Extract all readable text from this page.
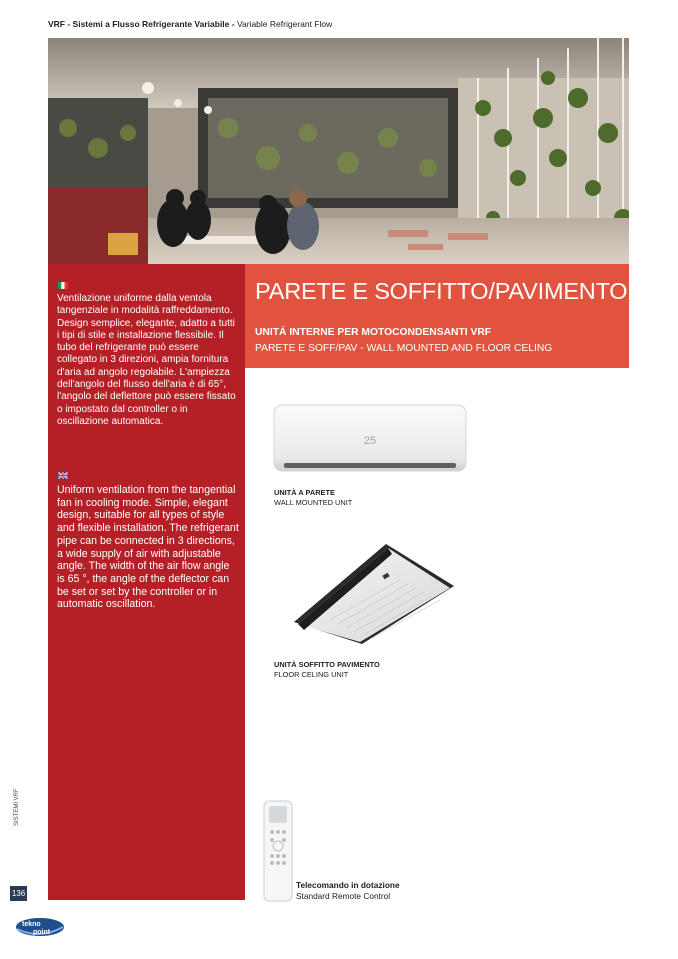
VRF - Sistemi a Flusso Refrigerante Variabile - Variable Refrigerant Flow
Ventilazione uniforme dalla ventola tangenziale in modalità raffreddamento. Design semplice, elegante, adatto a tutti i tipi di stile e installazione flessibile. Il tubo del refrigerante può essere collegato in 3 direzioni, ampia fornitura d'aria ad angolo regolabile. L'ampiezza dell'angolo del flusso dell'aria è di 65°, l'angolo del deflettore può essere fissato o impostato dal controller o in oscillazione automatica.
Uniform ventilation from the tangential fan in cooling mode. Simple, elegant design, suitable for all types of style and flexible installation. The refrigerant pipe can be connected in 3 directions, a wide supply of air with adjustable angle. The width of the air flow angle is 65 °, the angle of the deflector can be set or set by the controller or in automatic oscillation.
PARETE E SOFFITTO/PAVIMENTO
UNITÁ INTERNE PER MOTOCONDENSANTI VRF
PARETE E SOFF/PAV - WALL MOUNTED AND FLOOR CELING
25
UNITÀ A PARETE
WALL MOUNTED UNIT
UNITÀ SOFFITTO PAVIMENTO
FLOOR CELING UNIT
Telecomando in dotazione
Standard Remote Control
SISTEMI VRF
136
tekno
point
